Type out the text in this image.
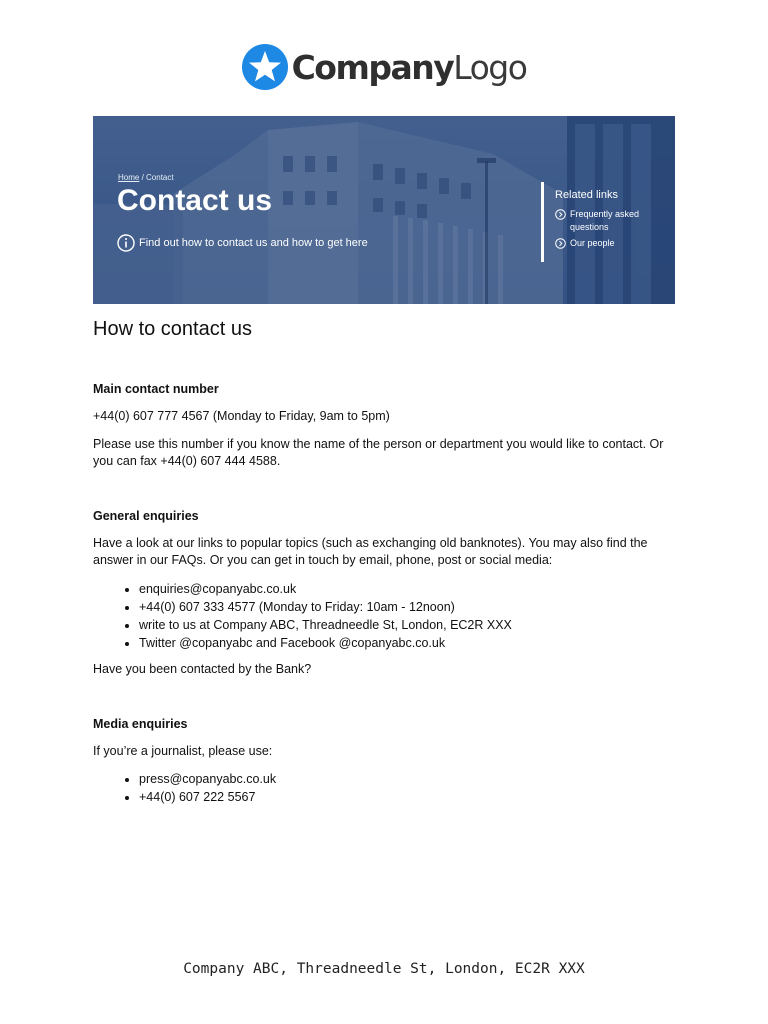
CompanyLogo
Home / Contact
Contact us
Find out how to contact us and how to get here
Related links
Frequently asked questions
Our people
How to contact us

Main contact number

+44(0) 607 777 4567 (Monday to Friday, 9am to 5pm)

Please use this number if you know the name of the person or department you would like to contact. Or you can fax +44(0) 607 444 4588.

General enquiries

Have a look at our links to popular topics (such as exchanging old banknotes). You may also find the answer in our FAQs. Or you can get in touch by email, phone, post or social media:

• enquiries@copanyabc.co.uk
• +44(0) 607 333 4577 (Monday to Friday: 10am - 12noon)
• write to us at Company ABC, Threadneedle St, London, EC2R XXX
• Twitter @copanyabc and Facebook @copanyabc.co.uk

Have you been contacted by the Bank?

Media enquiries

If you’re a journalist, please use:

• press@copanyabc.co.uk
• +44(0) 607 222 5567
Company ABC, Threadneedle St, London, EC2R XXX
